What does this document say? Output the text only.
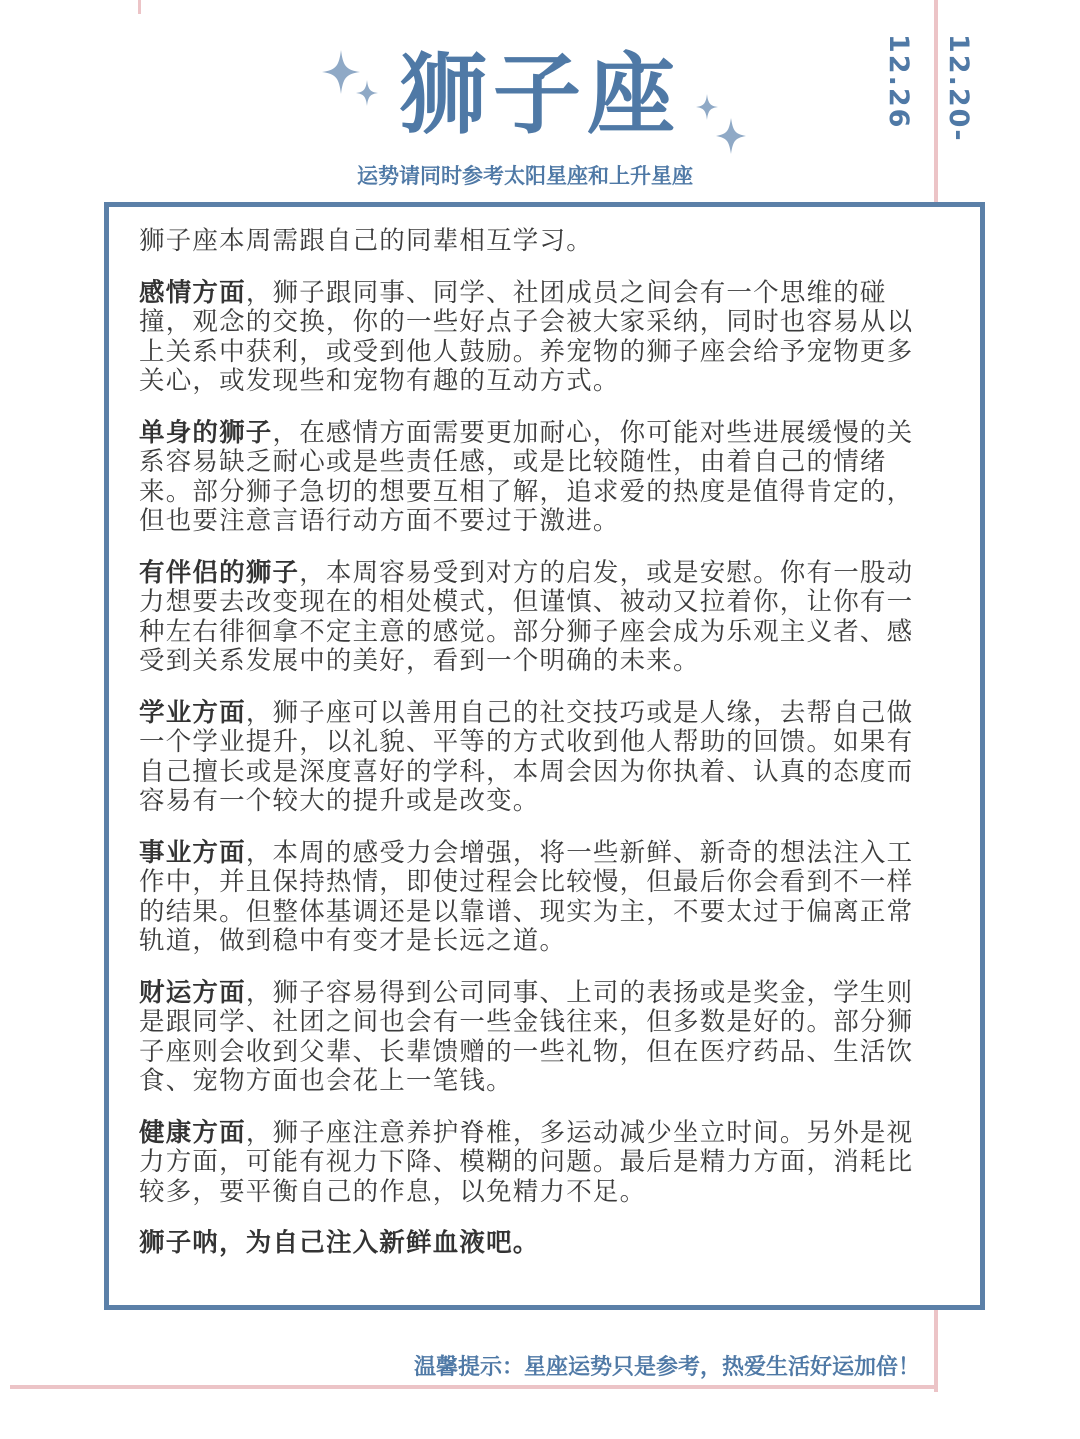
狮子座
运势请同时参考太阳星座和上升星座
12.20-12.26

狮子座本周需跟自己的同辈相互学习。

感情方面，狮子跟同事、同学、社团成员之间会有一个思维的碰撞，观念的交换，你的一些好点子会被大家采纳，同时也容易从以上关系中获利，或受到他人鼓励。养宠物的狮子座会给予宠物更多关心，或发现些和宠物有趣的互动方式。

单身的狮子，在感情方面需要更加耐心，你可能对些进展缓慢的关系容易缺乏耐心或是些责任感，或是比较随性，由着自己的情绪来。部分狮子急切的想要互相了解，追求爱的热度是值得肯定的，但也要注意言语行动方面不要过于激进。

有伴侣的狮子，本周容易受到对方的启发，或是安慰。你有一股动力想要去改变现在的相处模式，但谨慎、被动又拉着你，让你有一种左右徘徊拿不定主意的感觉。部分狮子座会成为乐观主义者、感受到关系发展中的美好，看到一个明确的未来。

学业方面，狮子座可以善用自己的社交技巧或是人缘，去帮自己做一个学业提升，以礼貌、平等的方式收到他人帮助的回馈。如果有自己擅长或是深度喜好的学科，本周会因为你执着、认真的态度而容易有一个较大的提升或是改变。

事业方面，本周的感受力会增强，将一些新鲜、新奇的想法注入工作中，并且保持热情，即使过程会比较慢，但最后你会看到不一样的结果。但整体基调还是以靠谱、现实为主，不要太过于偏离正常轨道，做到稳中有变才是长远之道。

财运方面，狮子容易得到公司同事、上司的表扬或是奖金，学生则是跟同学、社团之间也会有一些金钱往来，但多数是好的。部分狮子座则会收到父辈、长辈馈赠的一些礼物，但在医疗药品、生活饮食、宠物方面也会花上一笔钱。

健康方面，狮子座注意养护脊椎，多运动减少坐立时间。另外是视力方面，可能有视力下降、模糊的问题。最后是精力方面，消耗比较多，要平衡自己的作息，以免精力不足。

狮子呐，为自己注入新鲜血液吧。

温馨提示：星座运势只是参考，热爱生活好运加倍！
